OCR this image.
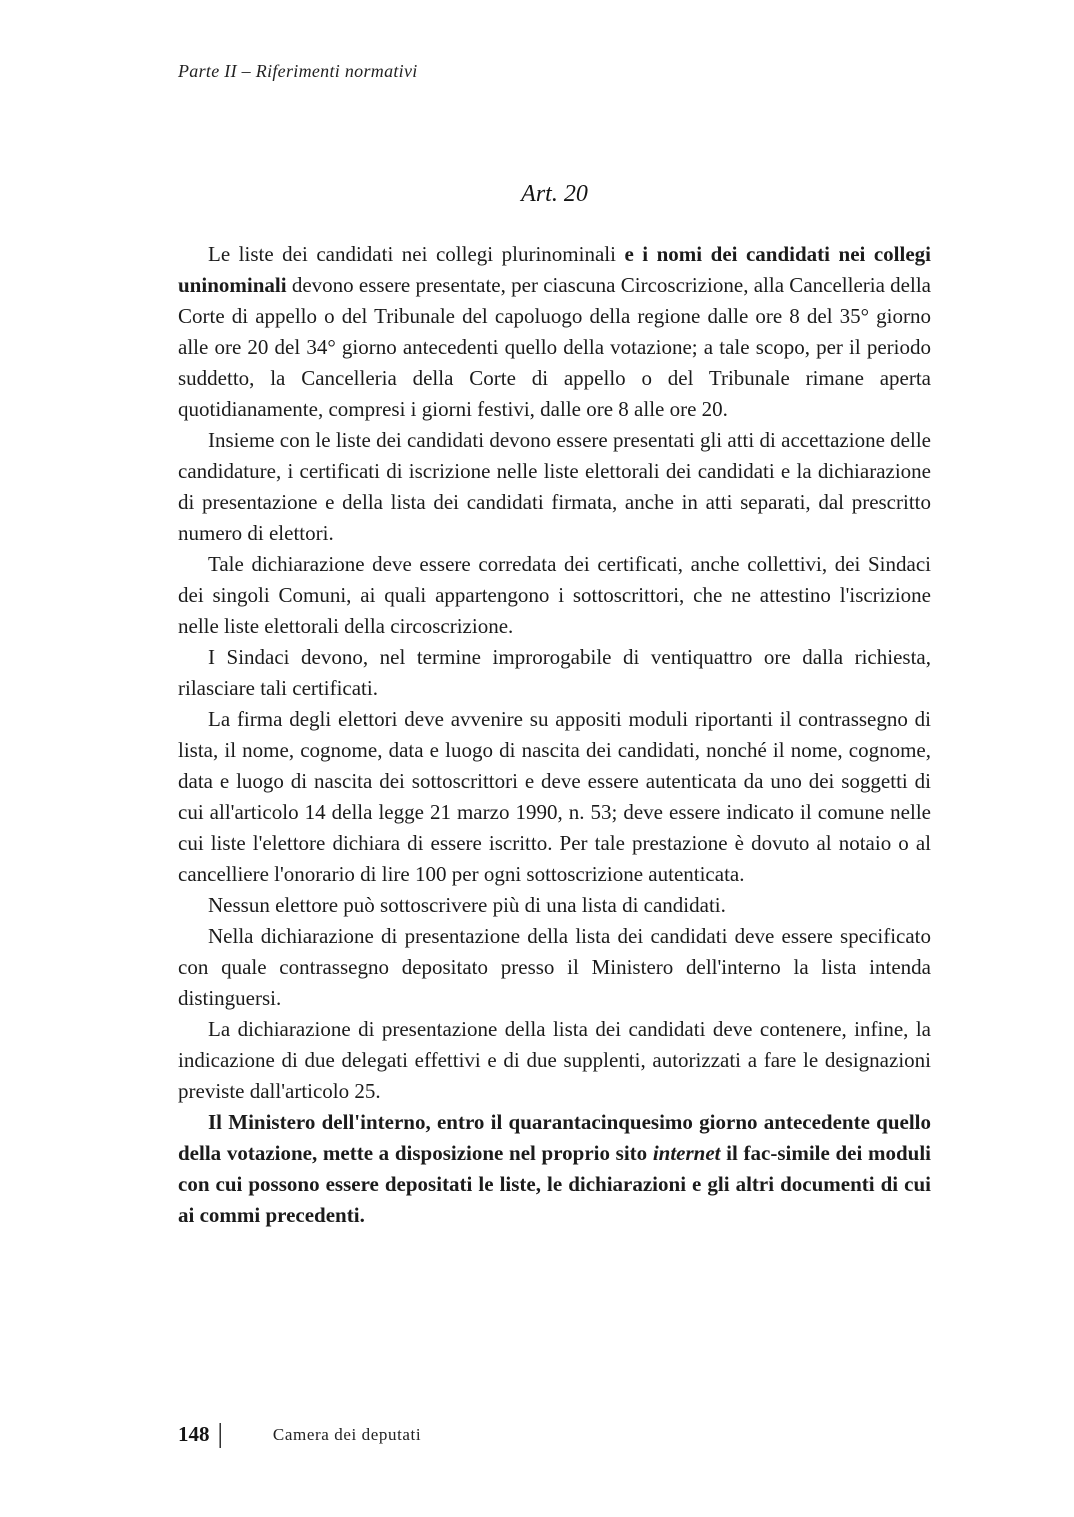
Parte II – Riferimenti normativi
Art. 20

Le liste dei candidati nei collegi plurinominali e i nomi dei candidati nei collegi uninominali devono essere presentate, per ciascuna Circoscrizione, alla Cancelleria della Corte di appello o del Tribunale del capoluogo della regione dalle ore 8 del 35° giorno alle ore 20 del 34° giorno antecedenti quello della votazione; a tale scopo, per il periodo suddetto, la Cancelleria della Corte di appello o del Tribunale rimane aperta quotidianamente, compresi i giorni festivi, dalle ore 8 alle ore 20.

Insieme con le liste dei candidati devono essere presentati gli atti di accettazione delle candidature, i certificati di iscrizione nelle liste elettorali dei candidati e la dichiarazione di presentazione e della lista dei candidati firmata, anche in atti separati, dal prescritto numero di elettori.

Tale dichiarazione deve essere corredata dei certificati, anche collettivi, dei Sindaci dei singoli Comuni, ai quali appartengono i sottoscrittori, che ne attestino l'iscrizione nelle liste elettorali della circoscrizione.

I Sindaci devono, nel termine improrogabile di ventiquattro ore dalla richiesta, rilasciare tali certificati.

La firma degli elettori deve avvenire su appositi moduli riportanti il contrassegno di lista, il nome, cognome, data e luogo di nascita dei candidati, nonché il nome, cognome, data e luogo di nascita dei sottoscrittori e deve essere autenticata da uno dei soggetti di cui all'articolo 14 della legge 21 marzo 1990, n. 53; deve essere indicato il comune nelle cui liste l'elettore dichiara di essere iscritto. Per tale prestazione è dovuto al notaio o al cancelliere l'onorario di lire 100 per ogni sottoscrizione autenticata.

Nessun elettore può sottoscrivere più di una lista di candidati.

Nella dichiarazione di presentazione della lista dei candidati deve essere specificato con quale contrassegno depositato presso il Ministero dell'interno la lista intenda distinguersi.

La dichiarazione di presentazione della lista dei candidati deve contenere, infine, la indicazione di due delegati effettivi e di due supplenti, autorizzati a fare le designazioni previste dall'articolo 25.

Il Ministero dell'interno, entro il quarantacinquesimo giorno antecedente quello della votazione, mette a disposizione nel proprio sito internet il fac-simile dei moduli con cui possono essere depositati le liste, le dichiarazioni e gli altri documenti di cui ai commi precedenti.

148 |	Camera dei deputati
